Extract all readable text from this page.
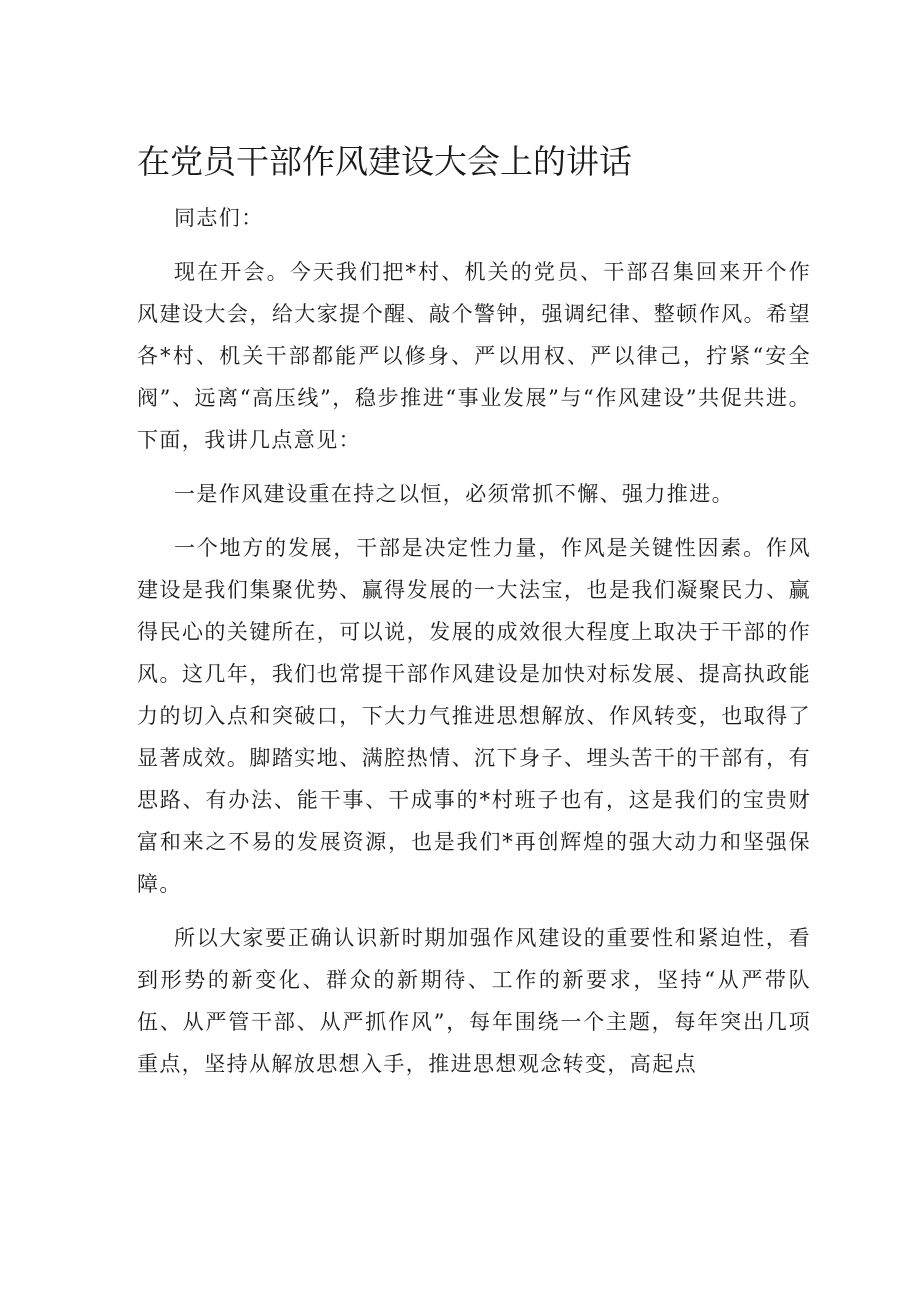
在党员干部作风建设大会上的讲话

同志们：

现在开会。今天我们把*村、机关的党员、干部召集回来开个作风建设大会，给大家提个醒、敲个警钟，强调纪律、整顿作风。希望各*村、机关干部都能严以修身、严以用权、严以律己，拧紧“安全阀”、远离“高压线”，稳步推进“事业发展”与“作风建设”共促共进。下面，我讲几点意见：

一是作风建设重在持之以恒，必须常抓不懈、强力推进。

一个地方的发展，干部是决定性力量，作风是关键性因素。作风建设是我们集聚优势、赢得发展的一大法宝，也是我们凝聚民力、赢得民心的关键所在，可以说，发展的成效很大程度上取决于干部的作风。这几年，我们也常提干部作风建设是加快对标发展、提高执政能力的切入点和突破口，下大力气推进思想解放、作风转变，也取得了显著成效。脚踏实地、满腔热情、沉下身子、埋头苦干的干部有，有思路、有办法、能干事、干成事的*村班子也有，这是我们的宝贵财富和来之不易的发展资源，也是我们*再创辉煌的强大动力和坚强保障。

所以大家要正确认识新时期加强作风建设的重要性和紧迫性，看到形势的新变化、群众的新期待、工作的新要求，坚持“从严带队伍、从严管干部、从严抓作风”，每年围绕一个主题，每年突出几项重点，坚持从解放思想入手，推进思想观念转变，高起点
